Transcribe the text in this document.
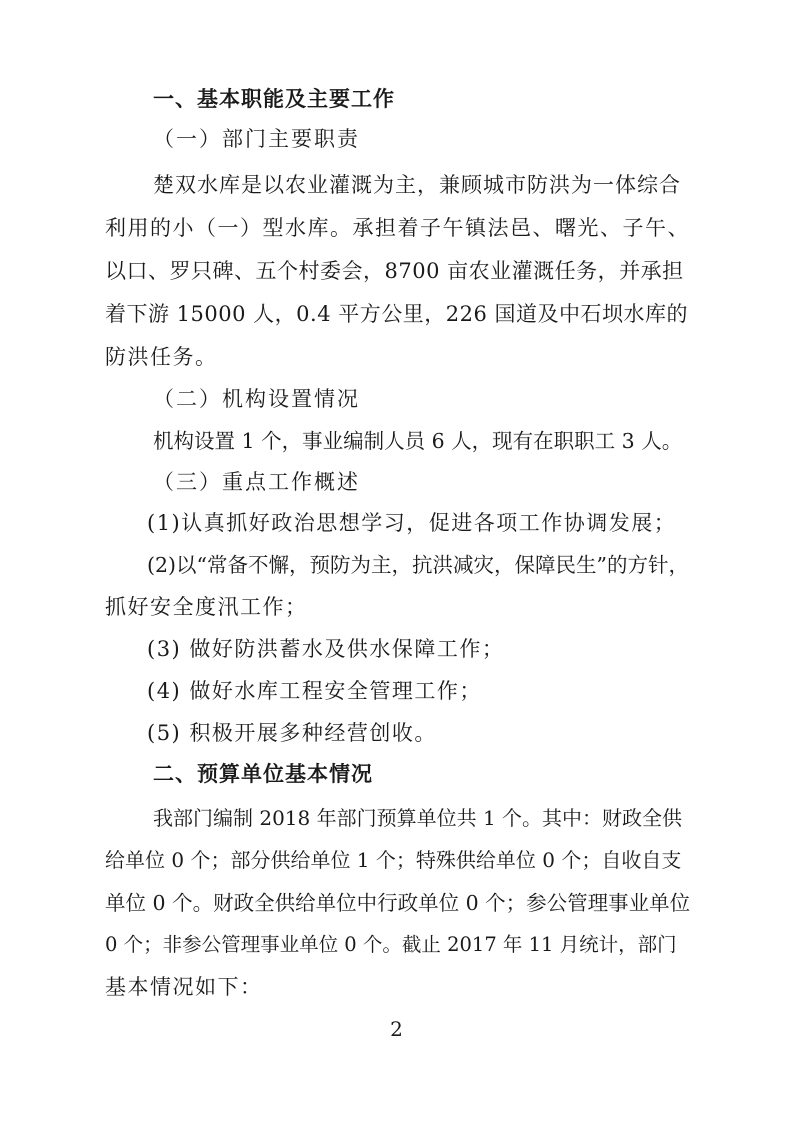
一、基本职能及主要工作
（一）部门主要职责
楚双水库是以农业灌溉为主，兼顾城市防洪为一体综合
利用的小（一）型水库。承担着子午镇法邑、曙光、子午、
以口、罗只碑、五个村委会，8700 亩农业灌溉任务，并承担
着下游 15000 人，0.4 平方公里，226 国道及中石坝水库的
防洪任务。
（二）机构设置情况
机构设置 1 个，事业编制人员 6 人，现有在职职工 3 人。
（三）重点工作概述
(1)认真抓好政治思想学习，促进各项工作协调发展；
(2)以“常备不懈，预防为主，抗洪减灾，保障民生”的方针，
抓好安全度汛工作；
(3) 做好防洪蓄水及供水保障工作；
(4) 做好水库工程安全管理工作；
(5) 积极开展多种经营创收。
二、预算单位基本情况
我部门编制 2018 年部门预算单位共 1 个。其中：财政全供
给单位 0 个；部分供给单位 1 个；特殊供给单位 0 个；自收自支
单位 0 个。财政全供给单位中行政单位 0 个；参公管理事业单位
0 个；非参公管理事业单位 0 个。截止 2017 年 11 月统计，部门
基本情况如下：
2
